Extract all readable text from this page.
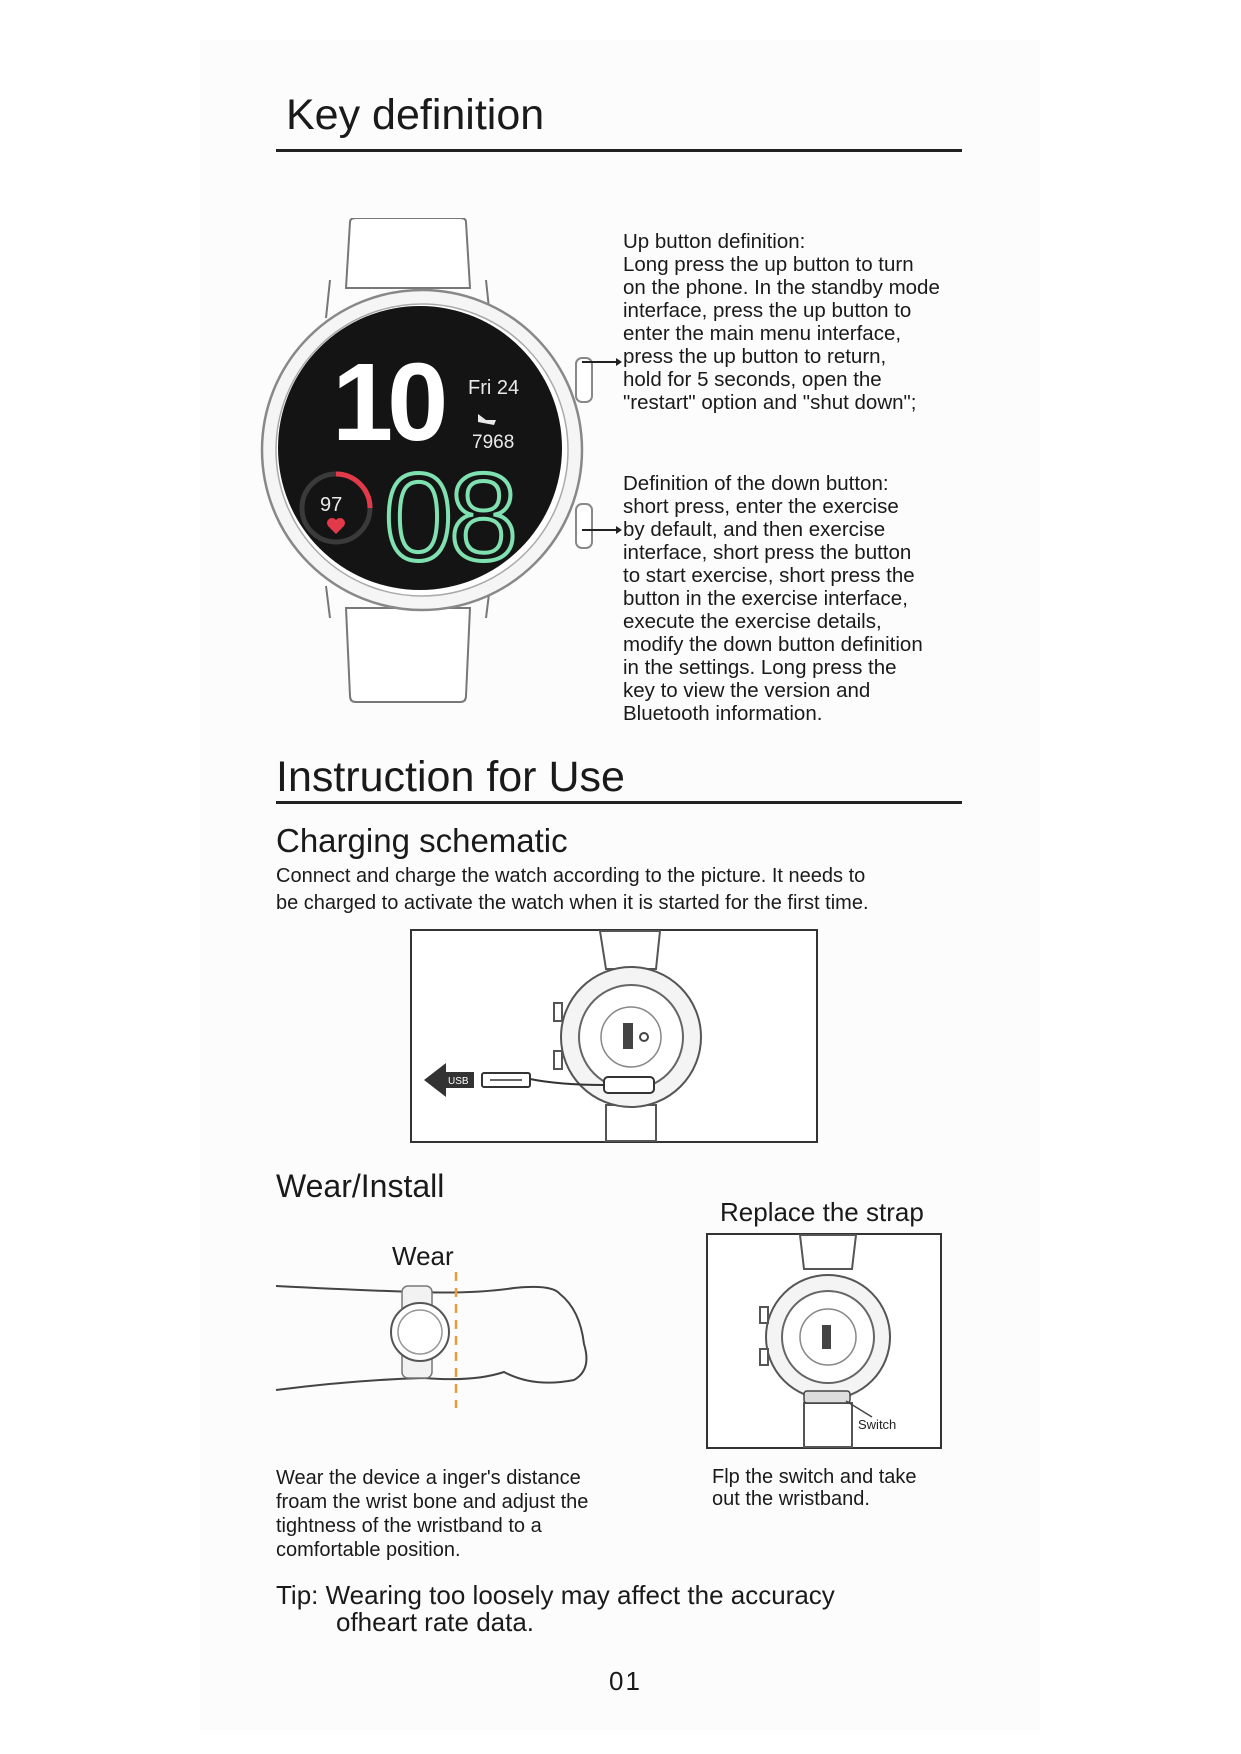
Key definition
10 Fri 24
7968
08
97
Up button definition:
Long press the up button to turn
on the phone. In the standby mode
interface, press the up button to
enter the main menu interface,
press the up button to return,
hold for 5 seconds, open the
"restart" option and "shut down";
Definition of the down button:
short press, enter the exercise
by default, and then exercise
interface, short press the button
to start exercise, short press the
button in the exercise interface,
execute the exercise details,
modify the down button definition
in the settings. Long press the
key to view the version and
Bluetooth information.
Instruction for Use
Charging schematic
Connect and charge the watch according to the picture. It needs to
be charged to activate the watch when it is started for the first time.
USB
Wear/Install
Replace the strap
Wear
Switch
Wear the device a inger's distance
froam the wrist bone and adjust the
tightness of the wristband to a
comfortable position.
Flp the switch and take
out the wristband.
Tip: Wearing too loosely may affect the accuracy
ofheart rate data.
01
